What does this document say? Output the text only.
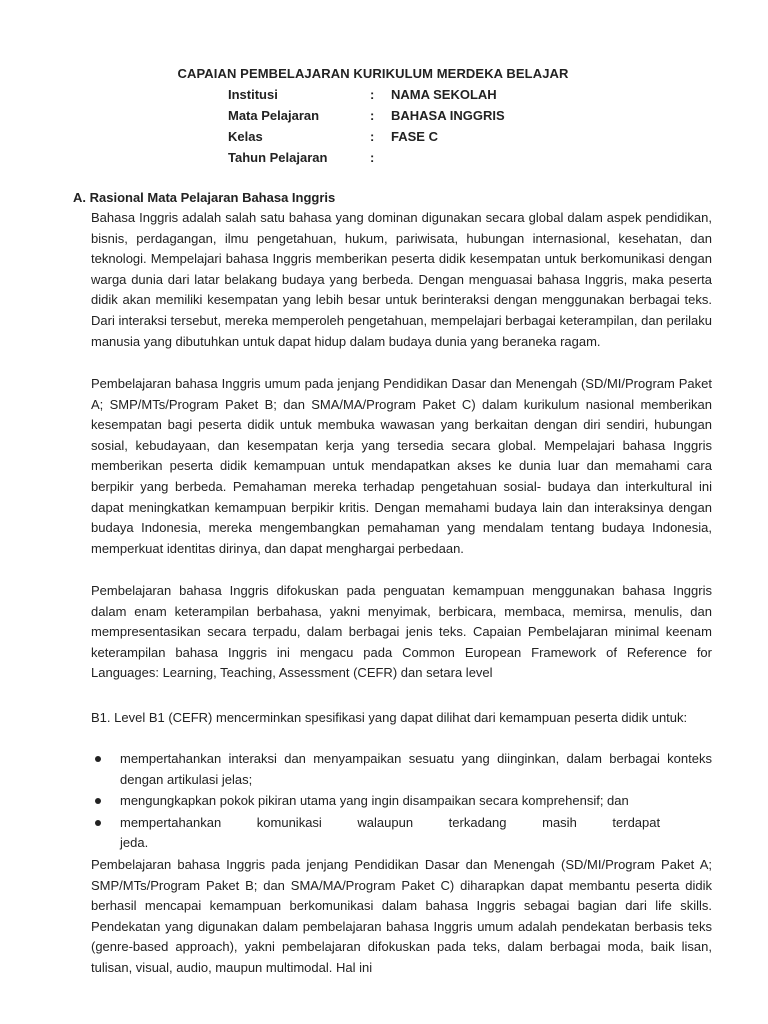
CAPAIAN PEMBELAJARAN KURIKULUM MERDEKA BELAJAR
Institusi	: NAMA SEKOLAH
Mata Pelajaran	: BAHASA INGGRIS
Kelas	: FASE C
Tahun Pelajaran	:
A. Rasional Mata Pelajaran Bahasa Inggris

Bahasa Inggris adalah salah satu bahasa yang dominan digunakan secara global dalam aspek pendidikan, bisnis, perdagangan, ilmu pengetahuan, hukum, pariwisata, hubungan internasional, kesehatan, dan teknologi. Mempelajari bahasa Inggris memberikan peserta didik kesempatan untuk berkomunikasi dengan warga dunia dari latar belakang budaya yang berbeda. Dengan menguasai bahasa Inggris, maka peserta didik akan memiliki kesempatan yang lebih besar untuk berinteraksi dengan menggunakan berbagai teks. Dari interaksi tersebut, mereka memperoleh pengetahuan, mempelajari berbagai keterampilan, dan perilaku manusia yang dibutuhkan untuk dapat hidup dalam budaya dunia yang beraneka ragam.

Pembelajaran bahasa Inggris umum pada jenjang Pendidikan Dasar dan Menengah (SD/MI/Program Paket A; SMP/MTs/Program Paket B; dan SMA/MA/Program Paket C) dalam kurikulum nasional memberikan kesempatan bagi peserta didik untuk membuka wawasan yang berkaitan dengan diri sendiri, hubungan sosial, kebudayaan, dan kesempatan kerja yang tersedia secara global. Mempelajari bahasa Inggris memberikan peserta didik kemampuan untuk mendapatkan akses ke dunia luar dan memahami cara berpikir yang berbeda. Pemahaman mereka terhadap pengetahuan sosial- budaya dan interkultural ini dapat meningkatkan kemampuan berpikir kritis. Dengan memahami budaya lain dan interaksinya dengan budaya Indonesia, mereka mengembangkan pemahaman yang mendalam tentang budaya Indonesia, memperkuat identitas dirinya, dan dapat menghargai perbedaan.

Pembelajaran bahasa Inggris difokuskan pada penguatan kemampuan menggunakan bahasa Inggris dalam enam keterampilan berbahasa, yakni menyimak, berbicara, membaca, memirsa, menulis, dan mempresentasikan secara terpadu, dalam berbagai jenis teks. Capaian Pembelajaran minimal keenam keterampilan bahasa Inggris ini mengacu pada Common European Framework of Reference for Languages: Learning, Teaching, Assessment (CEFR) dan setara level

B1. Level B1 (CEFR) mencerminkan spesifikasi yang dapat dilihat dari kemampuan peserta didik untuk:

mempertahankan interaksi dan menyampaikan sesuatu yang diinginkan, dalam berbagai konteks dengan artikulasi jelas;
mengungkapkan pokok pikiran utama yang ingin disampaikan secara komprehensif; dan
mempertahankan komunikasi walaupun terkadang masih terdapat jeda.

Pembelajaran bahasa Inggris pada jenjang Pendidikan Dasar dan Menengah (SD/MI/Program Paket A; SMP/MTs/Program Paket B; dan SMA/MA/Program Paket C) diharapkan dapat membantu peserta didik berhasil mencapai kemampuan berkomunikasi dalam bahasa Inggris sebagai bagian dari life skills. Pendekatan yang digunakan dalam pembelajaran bahasa Inggris umum adalah pendekatan berbasis teks (genre-based approach), yakni pembelajaran difokuskan pada teks, dalam berbagai moda, baik lisan, tulisan, visual, audio, maupun multimodal. Hal ini
